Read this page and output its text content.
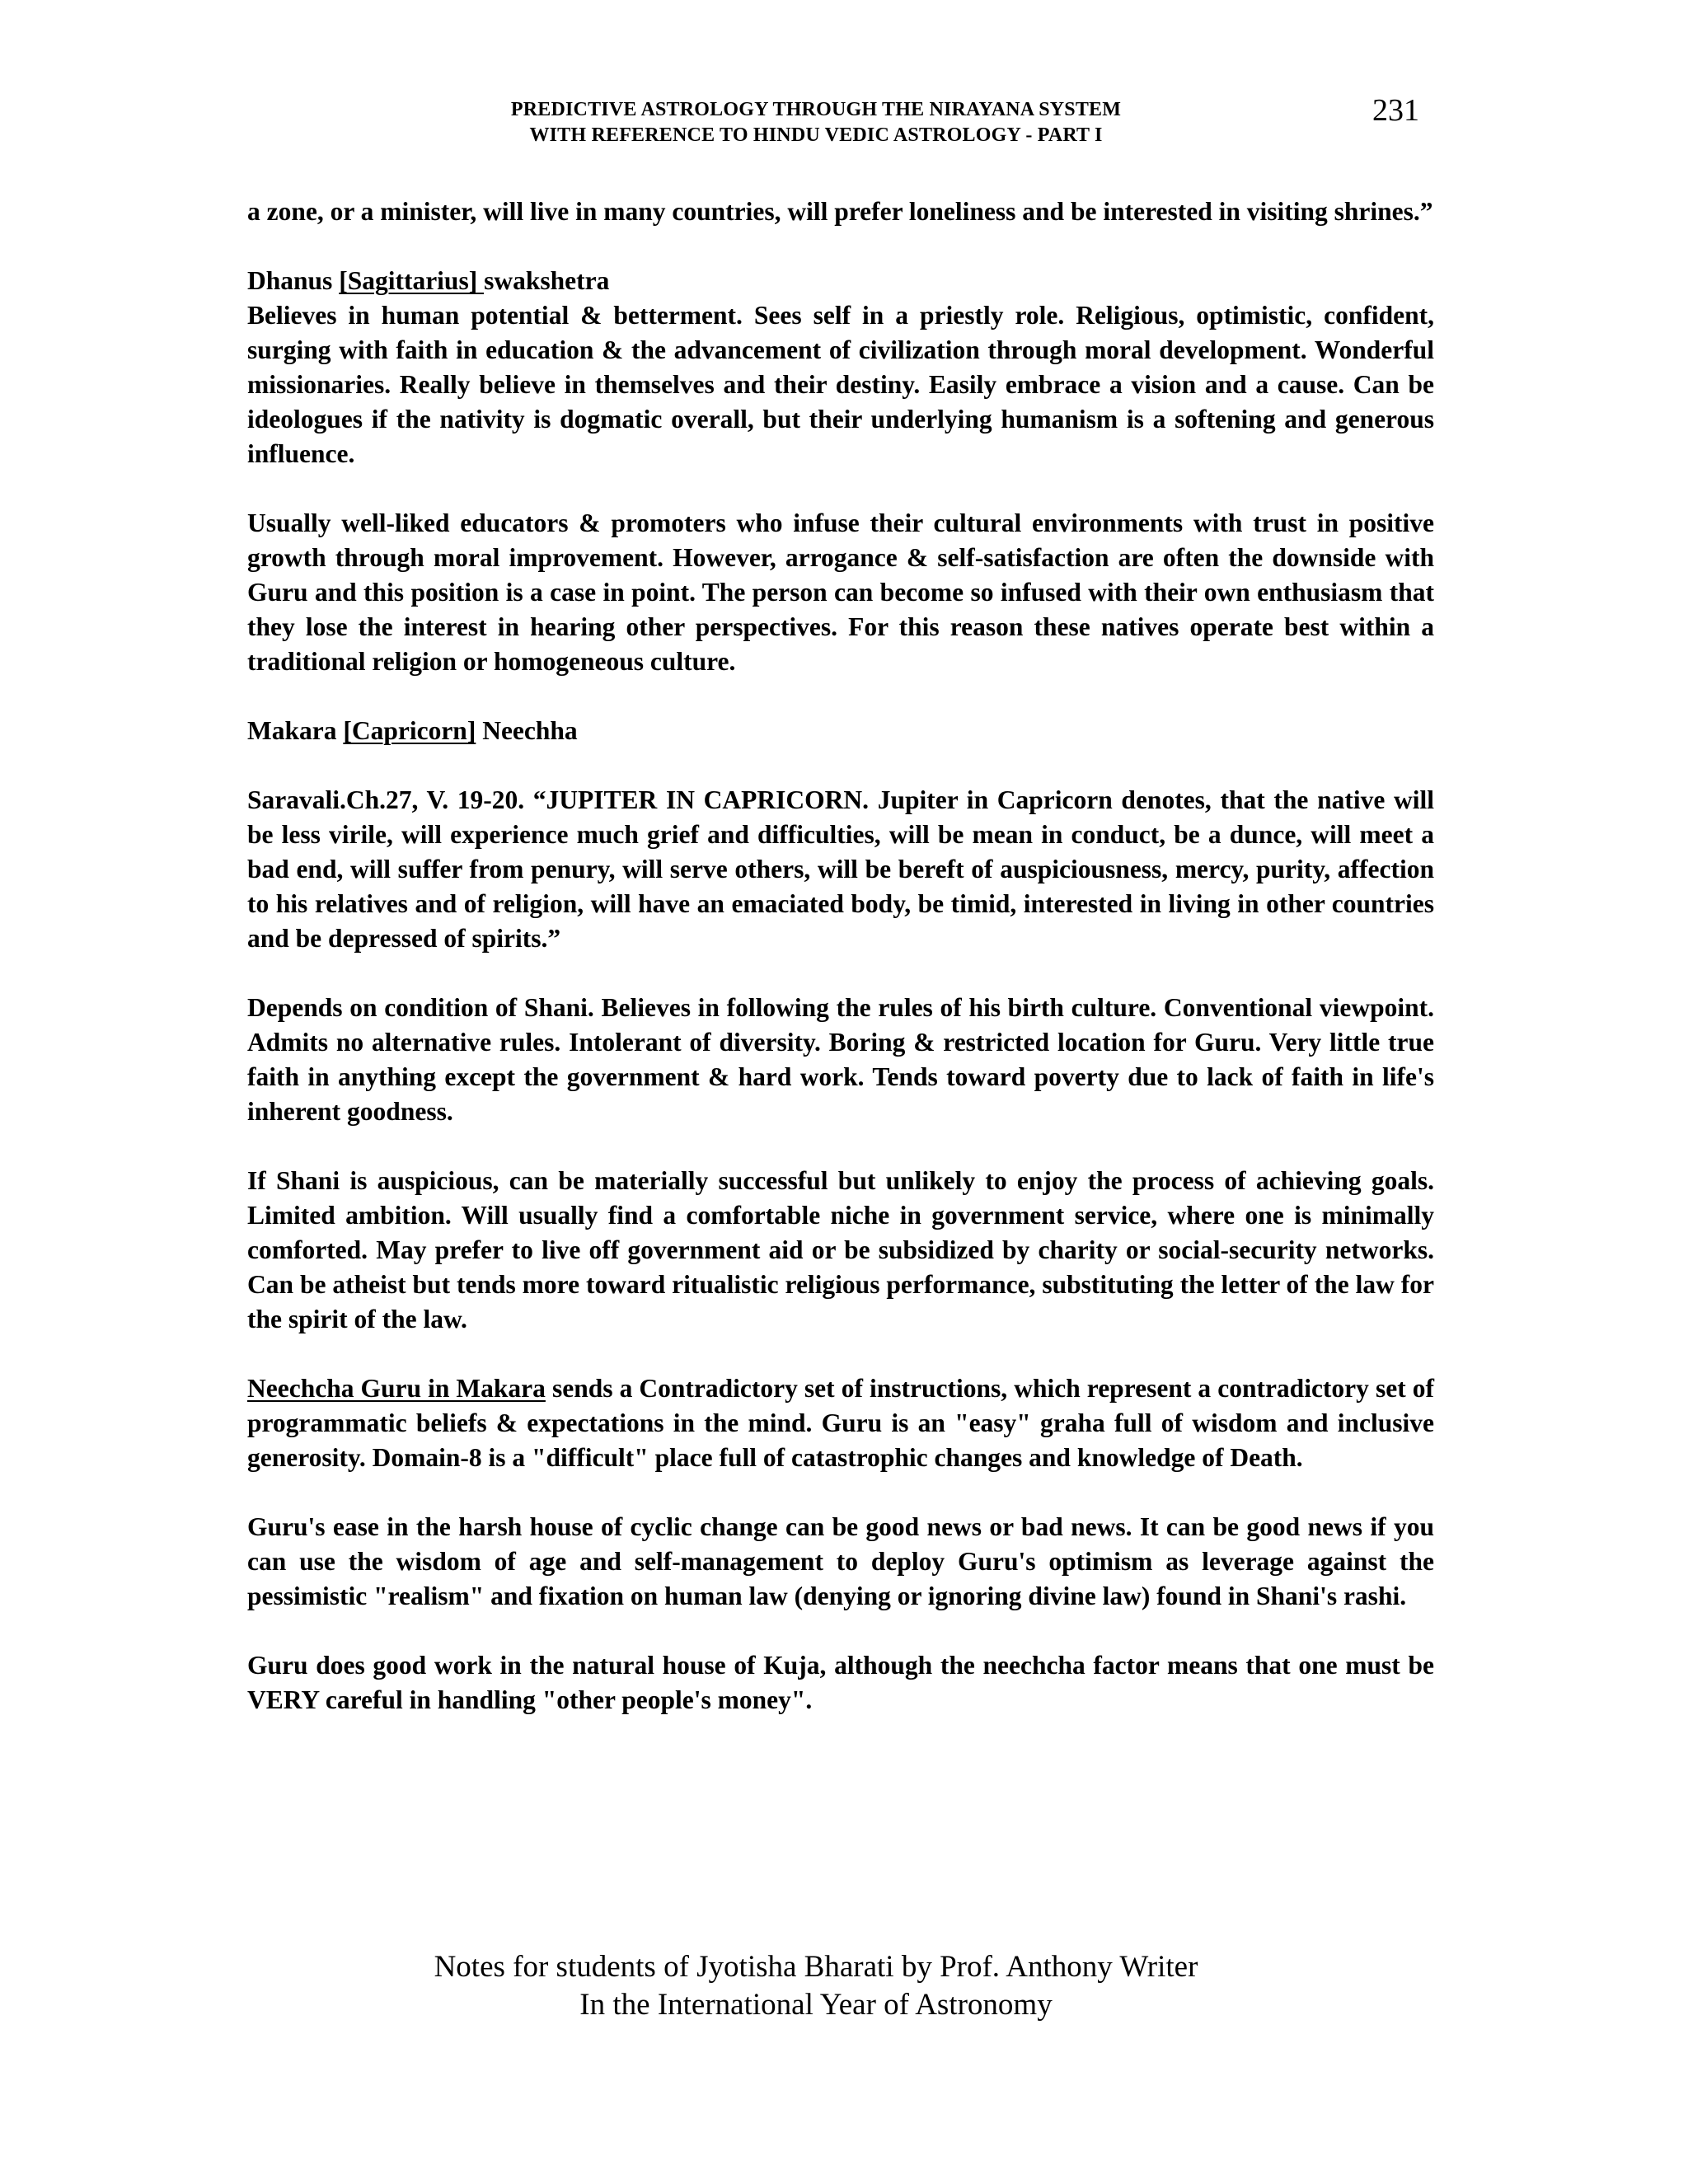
PREDICTIVE ASTROLOGY THROUGH THE NIRAYANA SYSTEM
WITH REFERENCE TO HINDU VEDIC ASTROLOGY - PART I
231

a zone, or a minister, will live in many countries, will prefer loneliness and be interested in visiting shrines.”

Dhanus [Sagittarius] swakshetra

Believes in human potential & betterment. Sees self in a priestly role. Religious, optimistic, confident, surging with faith in education & the advancement of civilization through moral development. Wonderful missionaries. Really believe in themselves and their destiny. Easily embrace a vision and a cause. Can be ideologues if the nativity is dogmatic overall, but their underlying humanism is a softening and generous influence.

Usually well-liked educators & promoters who infuse their cultural environments with trust in positive growth through moral improvement. However, arrogance & self-satisfaction are often the downside with Guru and this position is a case in point. The person can become so infused with their own enthusiasm that they lose the interest in hearing other perspectives. For this reason these natives operate best within a traditional religion or homogeneous culture.

Makara [Capricorn] Neechha

Saravali.Ch.27, V. 19-20. “JUPITER IN CAPRICORN. Jupiter in Capricorn denotes, that the native will be less virile, will experience much grief and difficulties, will be mean in conduct, be a dunce, will meet a bad end, will suffer from penury, will serve others, will be bereft of auspiciousness, mercy, purity, affection to his relatives and of religion, will have an emaciated body, be timid, interested in living in other countries and be depressed of spirits.”

Depends on condition of Shani. Believes in following the rules of his birth culture. Conventional viewpoint. Admits no alternative rules. Intolerant of diversity. Boring & restricted location for Guru. Very little true faith in anything except the government & hard work. Tends toward poverty due to lack of faith in life's inherent goodness.

If Shani is auspicious, can be materially successful but unlikely to enjoy the process of achieving goals. Limited ambition. Will usually find a comfortable niche in government service, where one is minimally comforted. May prefer to live off government aid or be subsidized by charity or social-security networks. Can be atheist but tends more toward ritualistic religious performance, substituting the letter of the law for the spirit of the law.

Neechcha Guru in Makara sends a Contradictory set of instructions, which represent a contradictory set of programmatic beliefs & expectations in the mind. Guru is an "easy" graha full of wisdom and inclusive generosity. Domain-8 is a "difficult" place full of catastrophic changes and knowledge of Death.

Guru's ease in the harsh house of cyclic change can be good news or bad news. It can be good news if you can use the wisdom of age and self-management to deploy Guru's optimism as leverage against the pessimistic "realism" and fixation on human law (denying or ignoring divine law) found in Shani's rashi.

Guru does good work in the natural house of Kuja, although the neechcha factor means that one must be VERY careful in handling "other people's money".

Notes for students of Jyotisha Bharati by Prof. Anthony Writer
In the International Year of Astronomy
